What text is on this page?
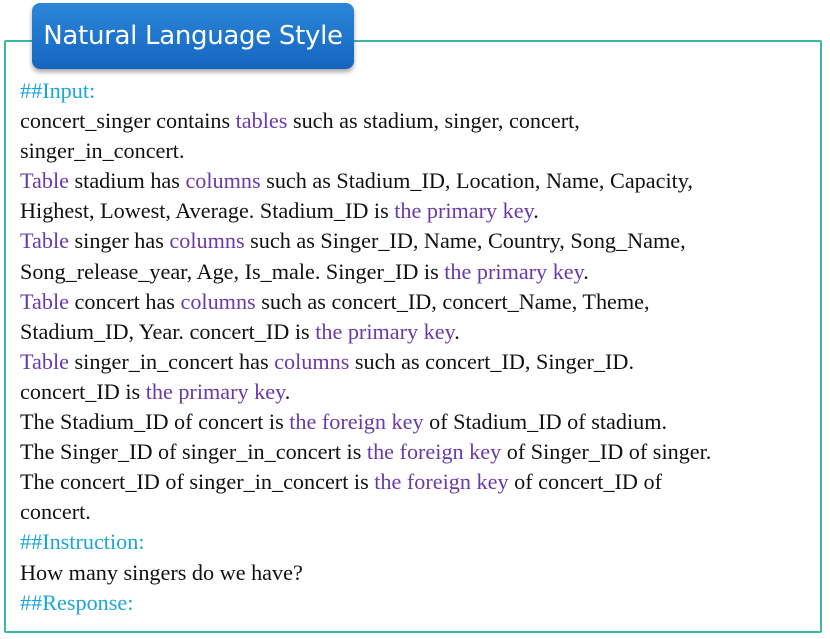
Natural Language Style
##Input:
concert_singer contains tables such as stadium, singer, concert,
singer_in_concert.
Table stadium has columns such as Stadium_ID, Location, Name, Capacity,
Highest, Lowest, Average. Stadium_ID is the primary key.
Table singer has columns such as Singer_ID, Name, Country, Song_Name,
Song_release_year, Age, Is_male. Singer_ID is the primary key.
Table concert has columns such as concert_ID, concert_Name, Theme,
Stadium_ID, Year. concert_ID is the primary key.
Table singer_in_concert has columns such as concert_ID, Singer_ID.
concert_ID is the primary key.
The Stadium_ID of concert is the foreign key of Stadium_ID of stadium.
The Singer_ID of singer_in_concert is the foreign key of Singer_ID of singer.
The concert_ID of singer_in_concert is the foreign key of concert_ID of
concert.
##Instruction:
How many singers do we have?
##Response:
